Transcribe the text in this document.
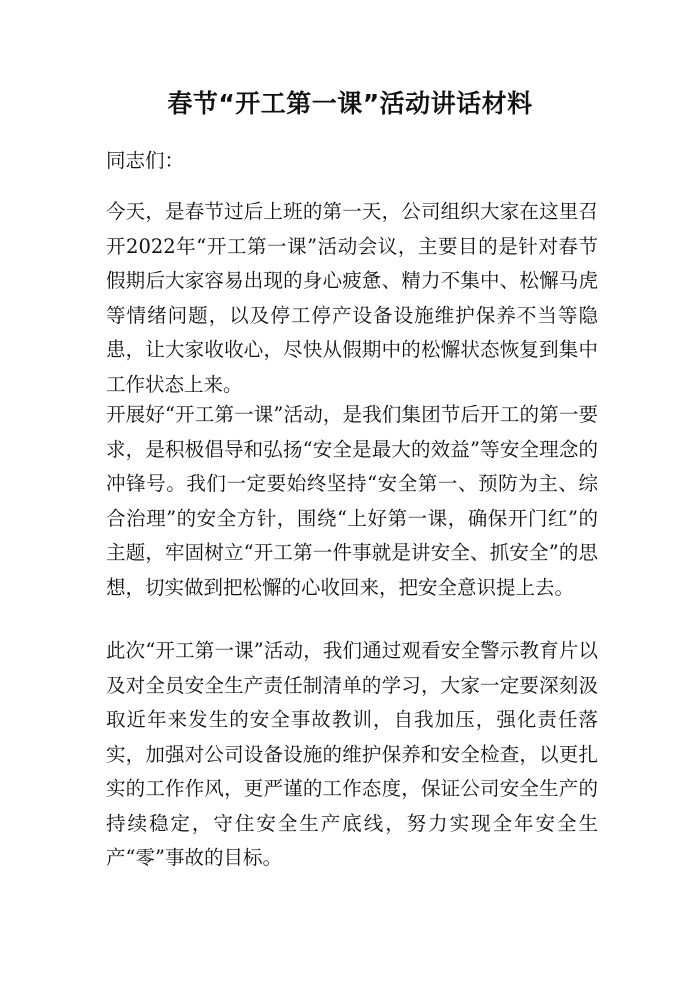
春节“开工第一课”活动讲话材料

同志们：

今天，是春节过后上班的第一天，公司组织大家在这里召开2022年“开工第一课”活动会议，主要目的是针对春节假期后大家容易出现的身心疲惫、精力不集中、松懈马虎等情绪问题，以及停工停产设备设施维护保养不当等隐患，让大家收收心，尽快从假期中的松懈状态恢复到集中工作状态上来。

开展好“开工第一课”活动，是我们集团节后开工的第一要求，是积极倡导和弘扬“安全是最大的效益”等安全理念的冲锋号。我们一定要始终坚持“安全第一、预防为主、综合治理”的安全方针，围绕“上好第一课，确保开门红”的主题，牢固树立“开工第一件事就是讲安全、抓安全”的思想，切实做到把松懈的心收回来，把安全意识提上去。

此次“开工第一课”活动，我们通过观看安全警示教育片以及对全员安全生产责任制清单的学习，大家一定要深刻汲取近年来发生的安全事故教训，自我加压，强化责任落实，加强对公司设备设施的维护保养和安全检查，以更扎实的工作作风，更严谨的工作态度，保证公司安全生产的持续稳定，守住安全生产底线，努力实现全年安全生产“零”事故的目标。
